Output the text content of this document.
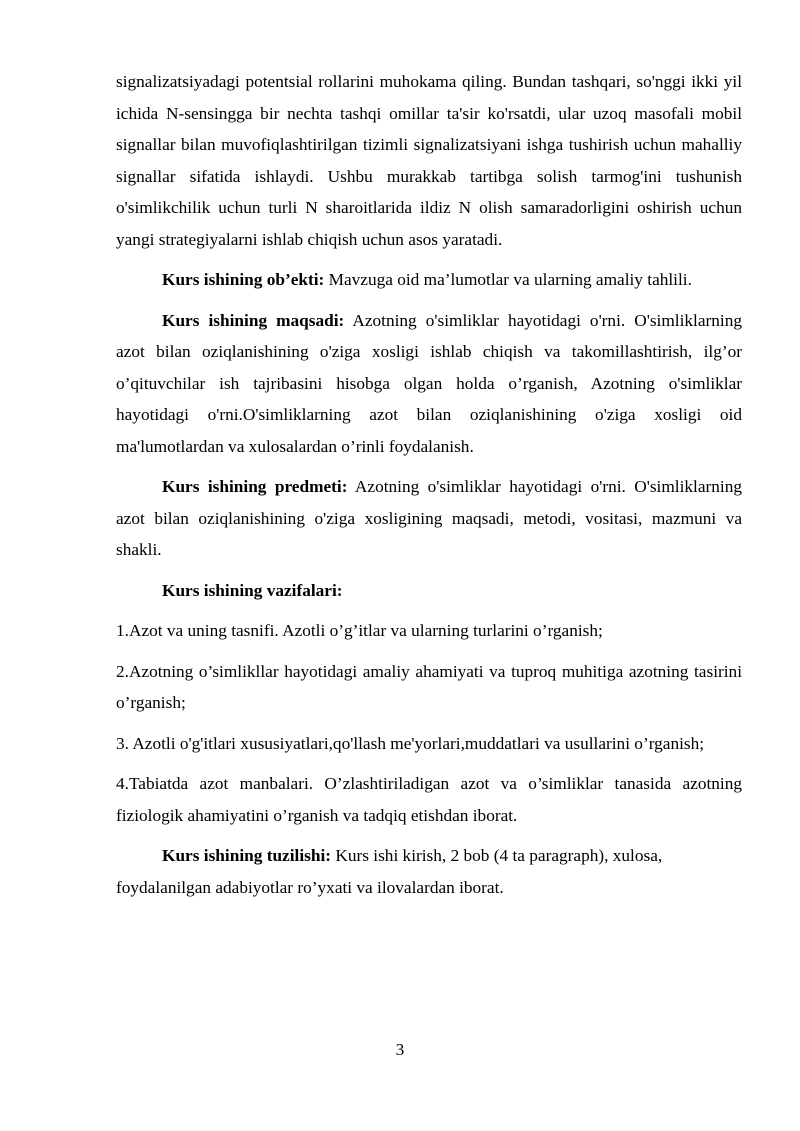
signalizatsiyadagi potentsial rollarini muhokama qiling. Bundan tashqari, so'nggi ikki yil ichida N-sensingga bir nechta tashqi omillar ta'sir ko'rsatdi, ular uzoq masofali mobil signallar bilan muvofiqlashtirilgan tizimli signalizatsiyani ishga tushirish uchun mahalliy signallar sifatida ishlaydi. Ushbu murakkab tartibga solish tarmog'ini tushunish o'simlikchilik uchun turli N sharoitlarida ildiz N olish samaradorligini oshirish uchun yangi strategiyalarni ishlab chiqish uchun asos yaratadi.

Kurs ishining ob’ekti: Mavzuga oid ma’lumotlar va ularning amaliy tahlili.

Kurs ishining maqsadi: Azotning o'simliklar hayotidagi o'rni. O'simliklarning azot bilan oziqlanishining o'ziga xosligi ishlab chiqish va takomillashtirish, ilg’or o’qituvchilar ish tajribasini hisobga olgan holda o’rganish, Azotning o'simliklar hayotidagi o'rni.O'simliklarning azot bilan oziqlanishining o'ziga xosligi oid ma'lumotlardan va xulosalardan o’rinli foydalanish.

Kurs ishining predmeti: Azotning o'simliklar hayotidagi o'rni. O'simliklarning azot bilan oziqlanishining o'ziga xosligining maqsadi, metodi, vositasi, mazmuni va shakli.

Kurs ishining vazifalari:

1.Azot va uning tasnifi. Azotli o’g’itlar va ularning turlarini o’rganish;

2.Azotning o’simlikllar hayotidagi amaliy ahamiyati va tuproq muhitiga azotning tasirini o’rganish;

3. Azotli o'g'itlari xususiyatlari,qo'llash me'yorlari,muddatlari va usullarini o’rganish;

4.Tabiatda azot manbalari. O’zlashtiriladigan azot va o’simliklar tanasida azotning fiziologik ahamiyatini o’rganish va tadqiq etishdan iborat.

Kurs ishining tuzilishi: Kurs ishi kirish, 2 bob (4 ta paragraph), xulosa, foydalanilgan adabiyotlar ro’yxati va ilovalardan iborat.

3
